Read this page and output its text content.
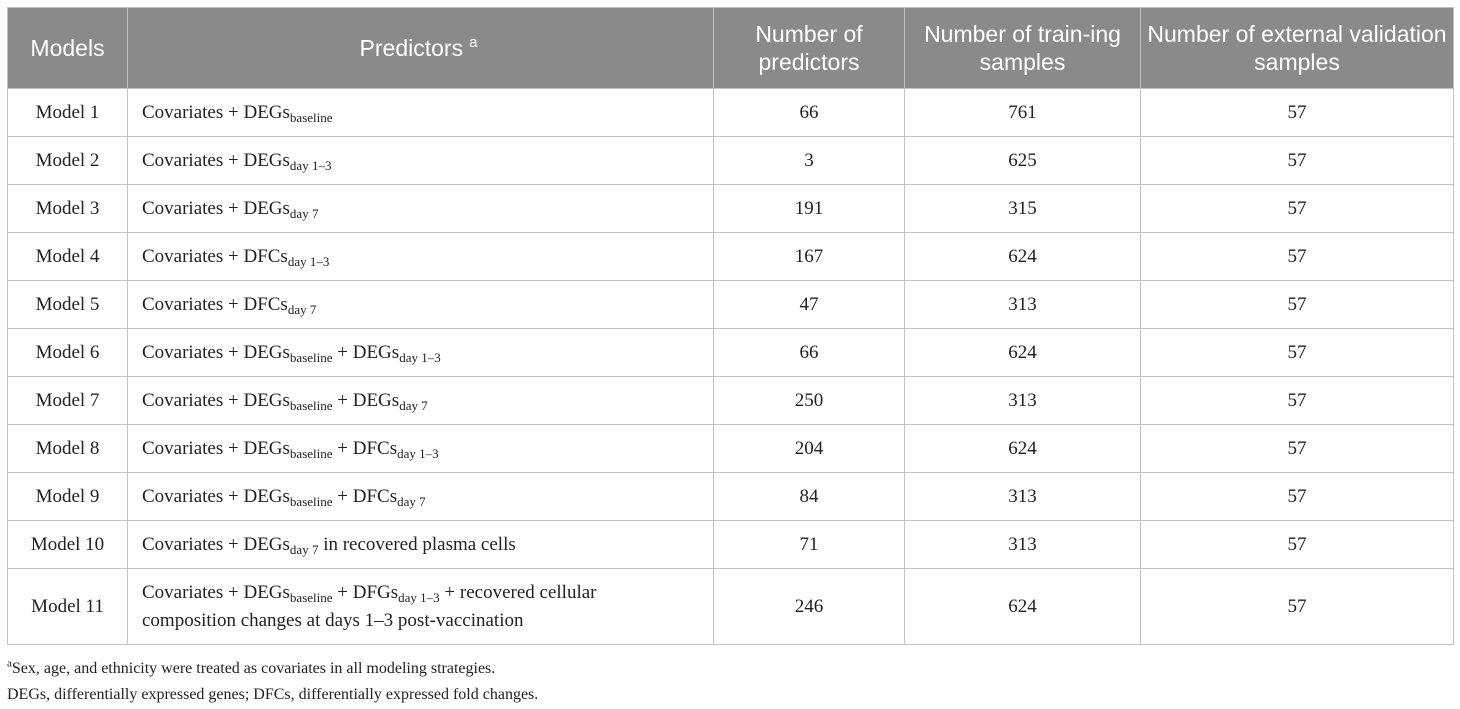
Models	Predictors $^a$	Number of predictors	Number of train-ing samples	Number of external validation samples
Model 1	Covariates + DEGs$_{baseline}$	66	761	57
Model 2	Covariates + DEGs$_{day 1-3}$	3	625	57
Model 3	Covariates + DEGs$_{day 7}$	191	315	57
Model 4	Covariates + DFCs$_{day 1-3}$	167	624	57
Model 5	Covariates + DFCs$_{day 7}$	47	313	57
Model 6	Covariates + DEGs$_{baseline}$ + DEGs$_{day 1-3}$	66	624	57
Model 7	Covariates + DEGs$_{baseline}$ + DEGs$_{day 7}$	250	313	57
Model 8	Covariates + DEGs$_{baseline}$ + DFCs$_{day 1-3}$	204	624	57
Model 9	Covariates + DEGs$_{baseline}$ + DFCs$_{day 7}$	84	313	57
Model 10	Covariates + DEGs$_{day 7}$ in recovered plasma cells	71	313	57
Model 11	Covariates + DEGs$_{baseline}$ + DFGs$_{day 1-3}$ + recovered cellular composition changes at days 1–3 post-vaccination	246	624	57
$^a$Sex, age, and ethnicity were treated as covariates in all modeling strategies.
DEGs, differentially expressed genes; DFCs, differentially expressed fold changes.
